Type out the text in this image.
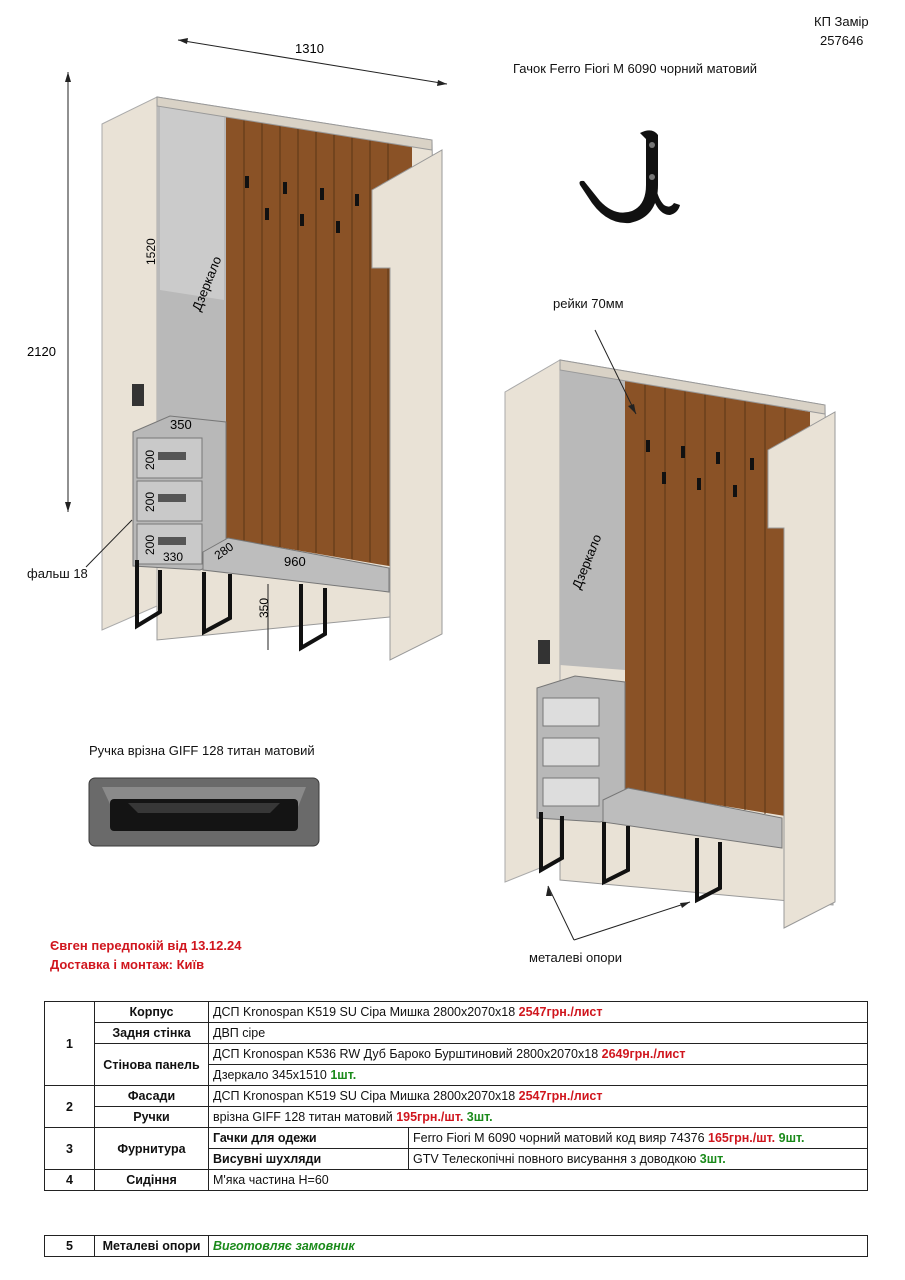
КП Замір
257646
Гачок Ferro Fiori M 6090 чорний матовий
1310
2120
Дзеркало
1520
350
200
200
200
330 280	960
350
фальш 18	Дзеркало
рейки 70мм
металеві опори
Ручка врізна GIFF 128 титан матовий
Євген передпокій від 13.12.24
Доставка і монтаж: Київ
1	Корпус	ДСП Kronospan K519 SU Сіра Мишка 2800х2070х18 2547грн./лист	
	Задня стінка	ДВП сіре	
	Стінова панель	ДСП Kronospan K536 RW Дуб Бароко Бурштиновий 2800х2070х18 2649грн./лист	
		Дзеркало 345х1510 1шт.	
2	Фасади	ДСП Kronospan K519 SU Сіра Мишка 2800х2070х18 2547грн./лист	
	Ручки	врізна GIFF 128 титан матовий 195грн./шт. 3шт.	
3	Фурнитура	Гачки для одежи	Ferro Fiori M 6090 чорний матовий код вияр 74376 165грн./шт. 9шт.
		Висувні шухляди	GTV Телескопічні повного висування з доводкою 3шт.
4	Сидіння	М'яка частина Н=60	
5	Металеві опори	Виготовляє замовник
